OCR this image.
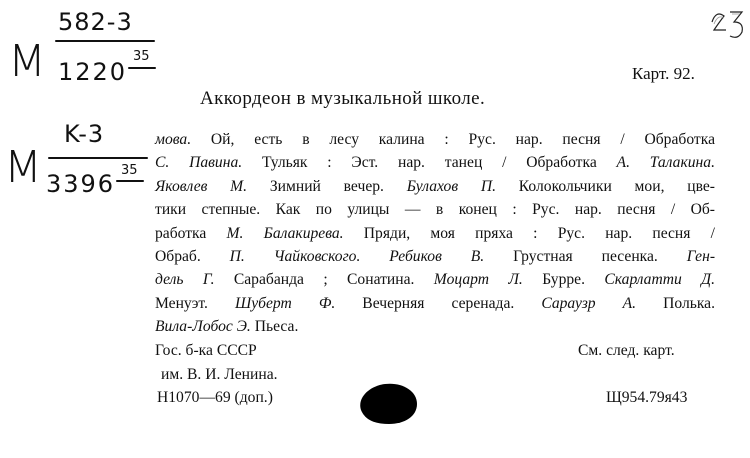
M
582-3
1220
35
M
K-3
3396 35
Карт. 92.
Аккордеон в музыкальной школе.
мова. Ой, есть в лесу калина : Рус. нар. песня / Обработка
С. Павина. Тульяк : Эст. нар. танец / Обработка А. Талакина.
Яковлев М. Зимний вечер. Булахов П. Колокольчики мои, цве-
тики степные. Как по улицы — в конец : Рус. нар. песня / Об-
работка М. Балакирева. Пряди, моя пряха : Рус. нар. песня /
Обраб. П. Чайковского. Ребиков В. Грустная песенка. Ген-
дель Г. Сарабанда ; Сонатина. Моцарт Л. Бурре. Скарлатти Д.
Менуэт. Шуберт Ф. Вечерняя серенада. Сараузр А. Полька.
Вила-Лобос Э. Пьеса.
Гос. б-ка СССР
им. В. И. Ленина.
Н1070—69 (доп.)
См. след. карт.
Щ954.79я43
